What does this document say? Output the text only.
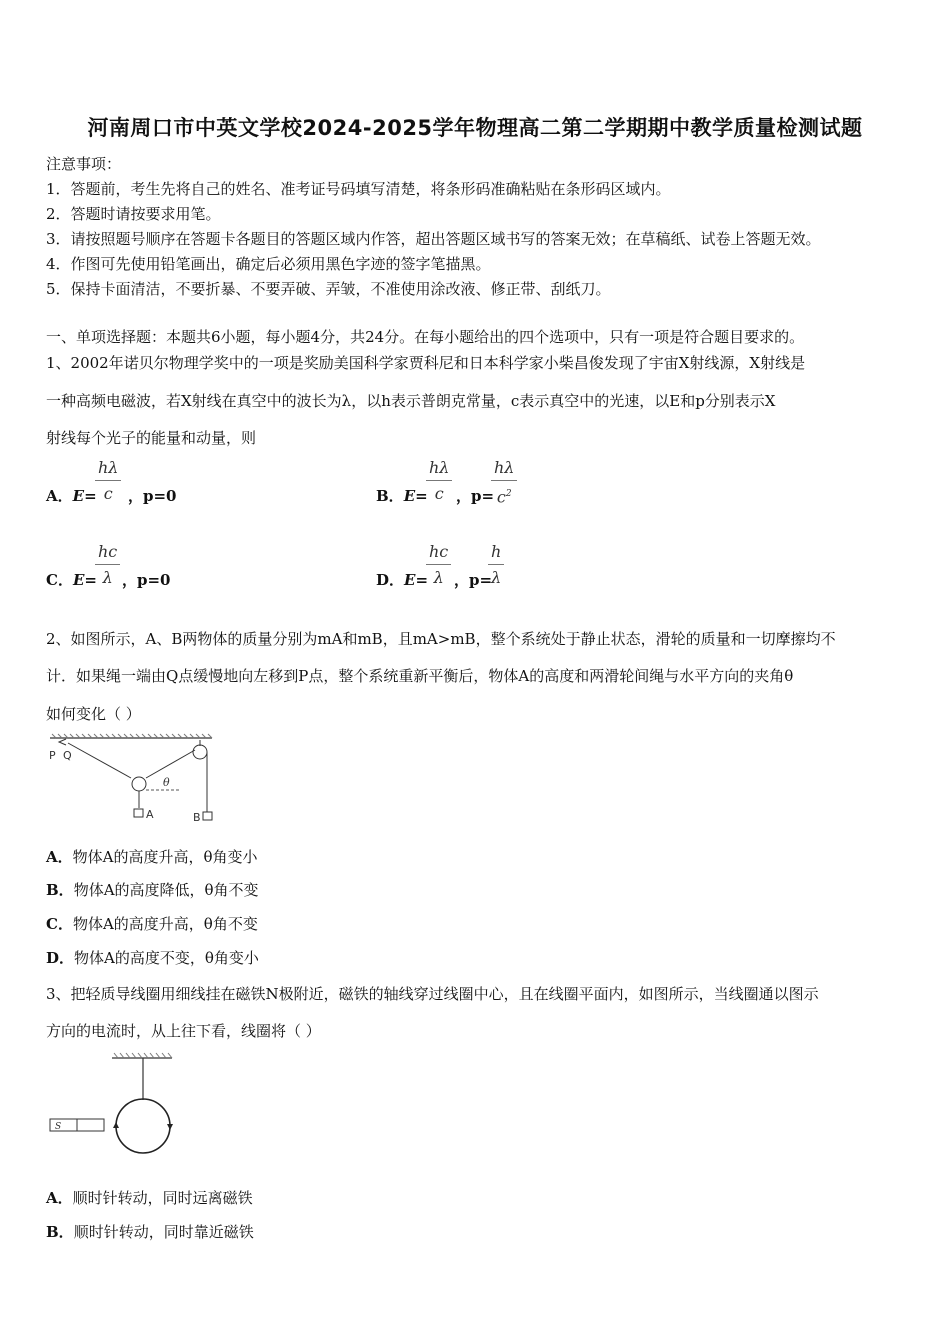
河南周口市中英文学校2024-2025学年物理高二第二学期期中教学质量检测试题
注意事项：
1．答题前，考生先将自己的姓名、准考证号码填写清楚，将条形码准确粘贴在条形码区域内。
2．答题时请按要求用笔。
3．请按照题号顺序在答题卡各题目的答题区域内作答，超出答题区域书写的答案无效；在草稿纸、试卷上答题无效。
4．作图可先使用铅笔画出，确定后必须用黑色字迹的签字笔描黑。
5．保持卡面清洁，不要折暴、不要弄破、弄皱，不准使用涂改液、修正带、刮纸刀。
一、单项选择题：本题共6小题，每小题4分，共24分。在每小题给出的四个选项中，只有一项是符合题目要求的。
1、2002年诺贝尔物理学奖中的一项是奖励美国科学家贾科尼和日本科学家小柴昌俊发现了宇宙X射线源，X射线是
一种高频电磁波，若X射线在真空中的波长为λ，以h表示普朗克常量，c表示真空中的光速，以E和p分别表示X
射线每个光子的能量和动量，则
A．E=
$\frac{h\lambda}{c}$ ，p=0	B．E=
$\frac{h\lambda}{c}$ ，p=
$\frac{h\lambda}{c^2}$
C．E=
$\frac{hc}{\lambda}$ ，p=0	D．E=
$\frac{hc}{\lambda}$ ，p=
$\frac{h}{\lambda}$
2、如图所示，A、B两物体的质量分别为mA和mB，且mA>mB，整个系统处于静止状态，滑轮的质量和一切摩擦均不
计．如果绳一端由Q点缓慢地向左移到P点，整个系统重新平衡后，物体A的高度和两滑轮间绳与水平方向的夹角θ
如何变化（ ）
P Q
θ
A	B
A．物体A的高度升高，θ角变小
B．物体A的高度降低，θ角不变
C．物体A的高度升高，θ角不变
D．物体A的高度不变，θ角变小
3、把轻质导线圈用细线挂在磁铁N极附近，磁铁的轴线穿过线圈中心，且在线圈平面内，如图所示，当线圈通以图示
方向的电流时，从上往下看，线圈将（ ）
S
A．顺时针转动，同时远离磁铁
B．顺时针转动，同时靠近磁铁
